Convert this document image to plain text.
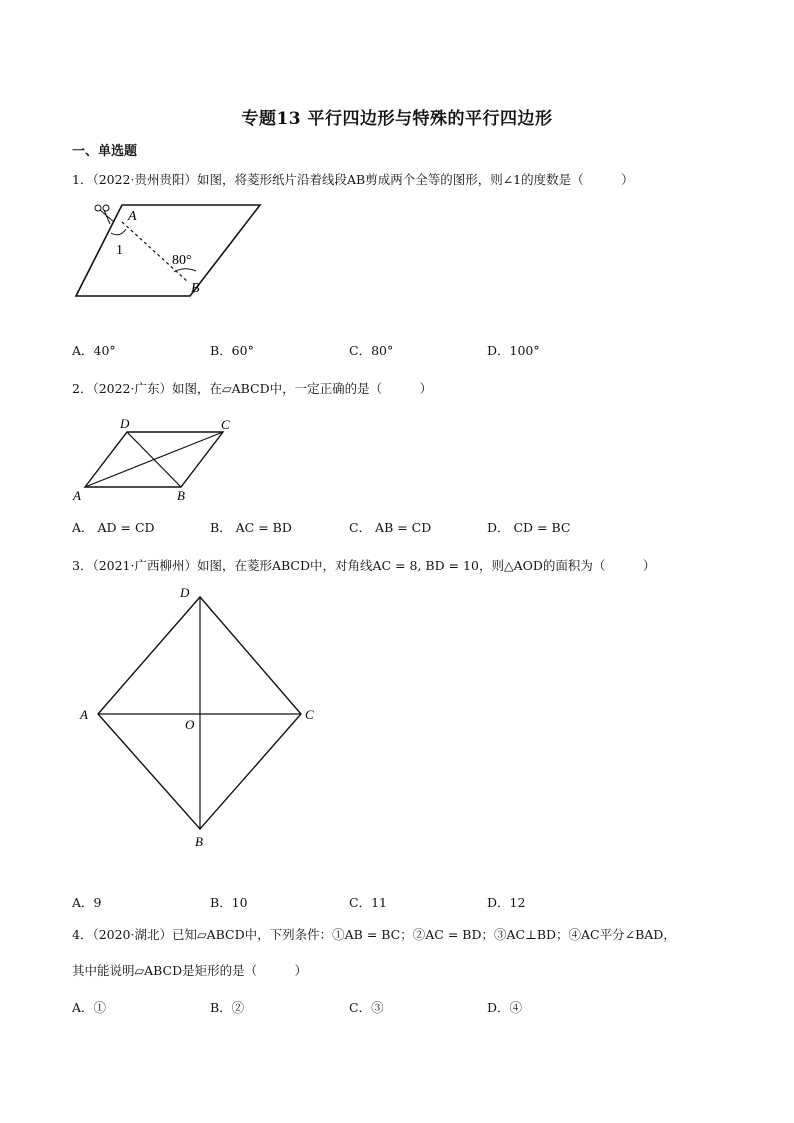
专题13 平行四边形与特殊的平行四边形
一、单选题
1．（2022·贵州贵阳）如图，将菱形纸片沿着线段AB剪成两个全等的图形，则∠1的度数是（　　　）
A
1
80°
B
A．40°	B．60°	C．80°	D．100°
2．（2022·广东）如图，在▱ABCD中，一定正确的是（　　　）
A	B
C
D
A． AD = CD	B． AC = BD	C． AB = CD	D． CD = BC
3．（2021·广西柳州）如图，在菱形ABCD中，对角线AC = 8, BD = 10，则△AOD的面积为（　　　）
A	C
D
B
O
A．9	B．10	C．11	D．12
4．（2020·湖北）已知▱ABCD中，下列条件：①AB = BC；②AC = BD；③AC⊥BD；④AC平分∠BAD，
其中能说明▱ABCD是矩形的是（　　　）
A．①	B．②	C．③	D．④
